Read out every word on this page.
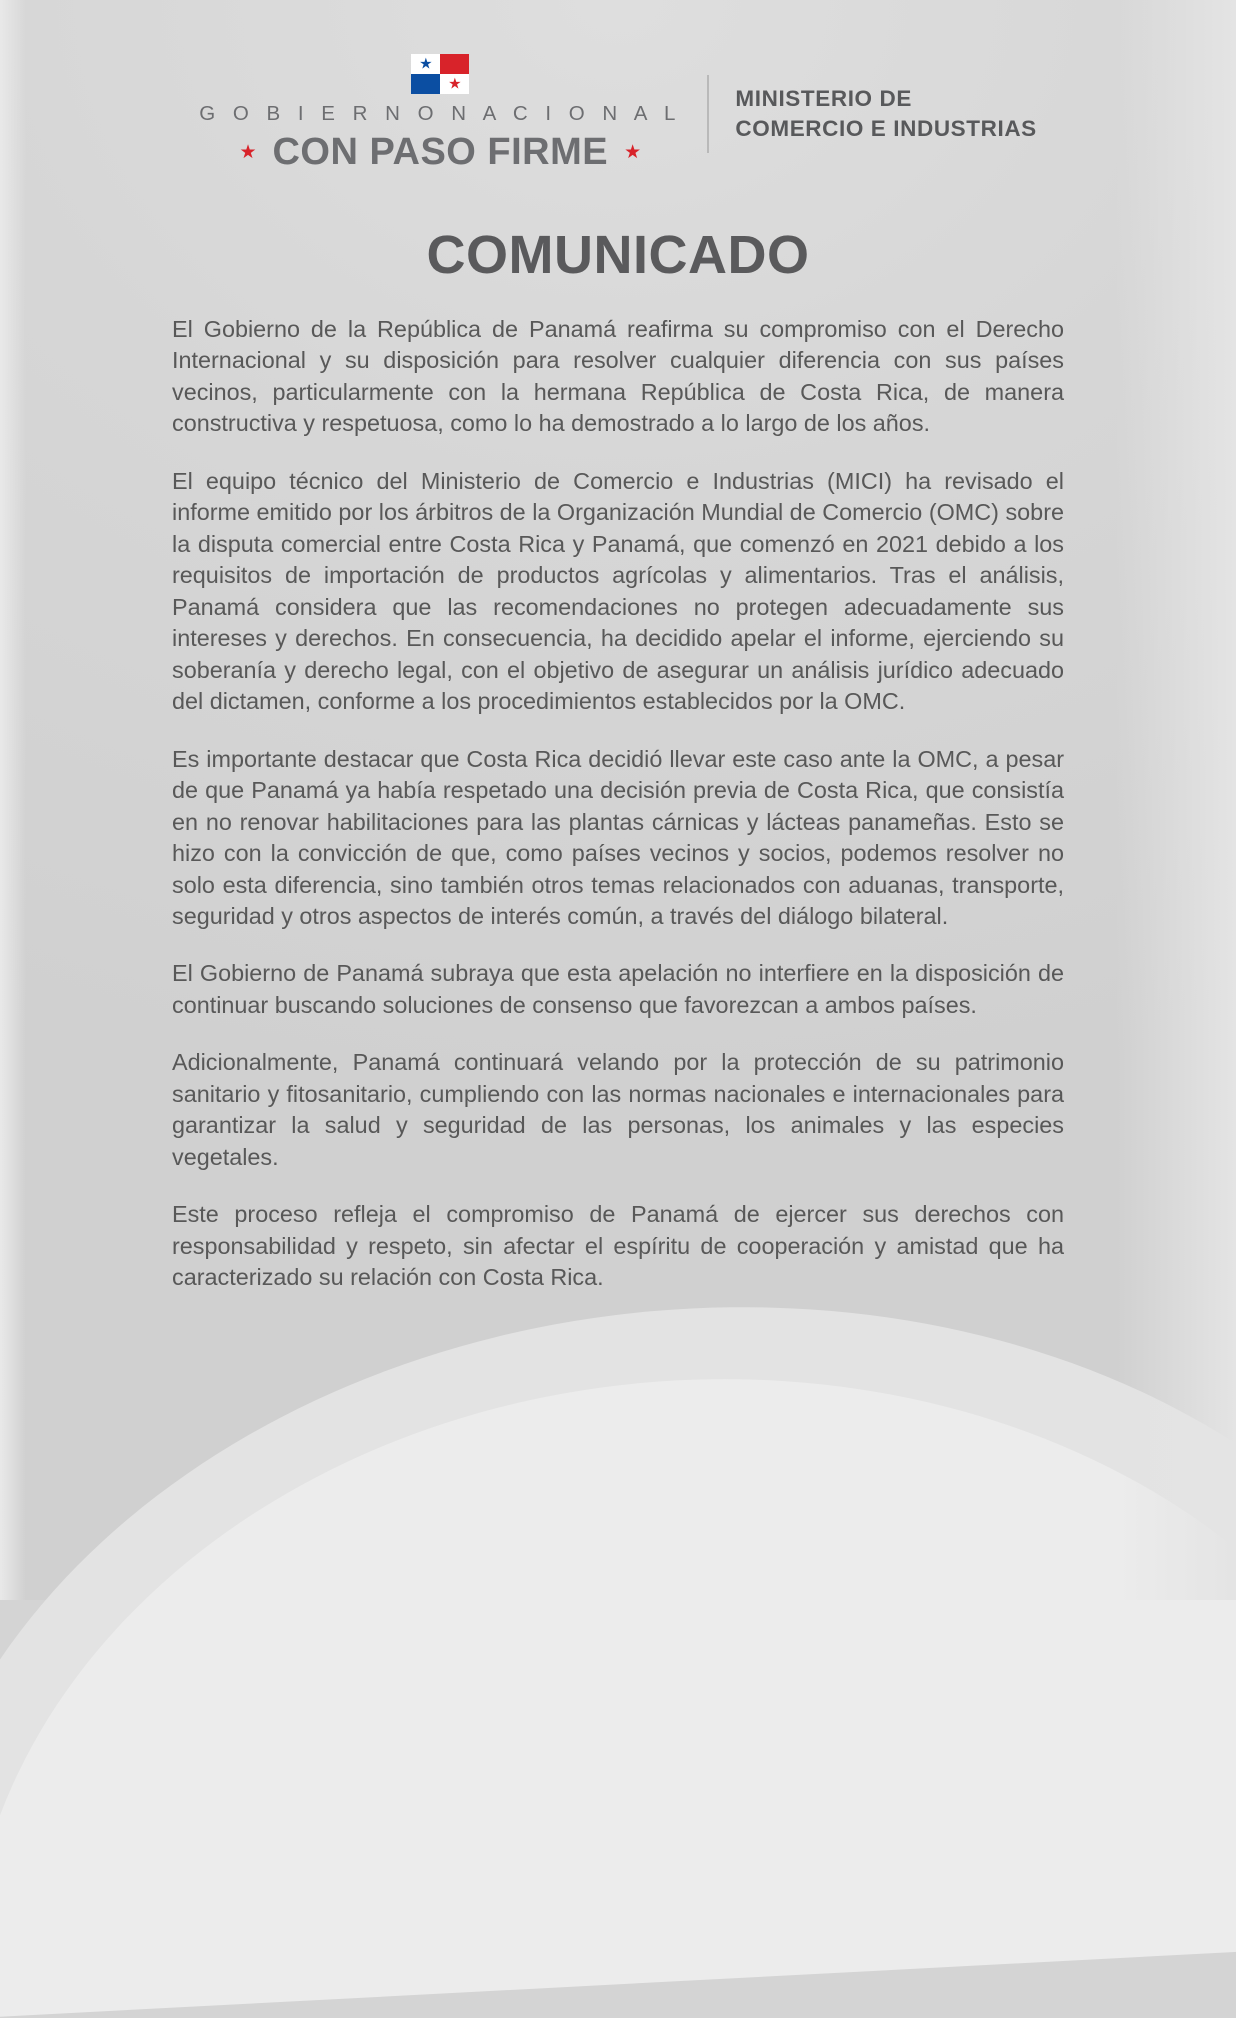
★
★
G O B I E R N O N A C I O N A L
★ CON PASO FIRME ★
MINISTERIO DE
COMERCIO E INDUSTRIAS
COMUNICADO

El Gobierno de la República de Panamá reafirma su compromiso con el Derecho Internacional y su disposición para resolver cualquier diferencia con sus países vecinos, particularmente con la hermana República de Costa Rica, de manera constructiva y respetuosa, como lo ha demostrado a lo largo de los años.

El equipo técnico del Ministerio de Comercio e Industrias (MICI) ha revisado el informe emitido por los árbitros de la Organización Mundial de Comercio (OMC) sobre la disputa comercial entre Costa Rica y Panamá, que comenzó en 2021 debido a los requisitos de importación de productos agrícolas y alimentarios. Tras el análisis, Panamá considera que las recomendaciones no protegen adecuadamente sus intereses y derechos. En consecuencia, ha decidido apelar el informe, ejerciendo su soberanía y derecho legal, con el objetivo de asegurar un análisis jurídico adecuado del dictamen, conforme a los procedimientos establecidos por la OMC.

Es importante destacar que Costa Rica decidió llevar este caso ante la OMC, a pesar de que Panamá ya había respetado una decisión previa de Costa Rica, que consistía en no renovar habilitaciones para las plantas cárnicas y lácteas panameñas. Esto se hizo con la convicción de que, como países vecinos y socios, podemos resolver no solo esta diferencia, sino también otros temas relacionados con aduanas, transporte, seguridad y otros aspectos de interés común, a través del diálogo bilateral.

El Gobierno de Panamá subraya que esta apelación no interfiere en la disposición de continuar buscando soluciones de consenso que favorezcan a ambos países.

Adicionalmente, Panamá continuará velando por la protección de su patrimonio sanitario y fitosanitario, cumpliendo con las normas nacionales e internacionales para garantizar la salud y seguridad de las personas, los animales y las especies vegetales.

Este proceso refleja el compromiso de Panamá de ejercer sus derechos con responsabilidad y respeto, sin afectar el espíritu de cooperación y amistad que ha caracterizado su relación con Costa Rica.
